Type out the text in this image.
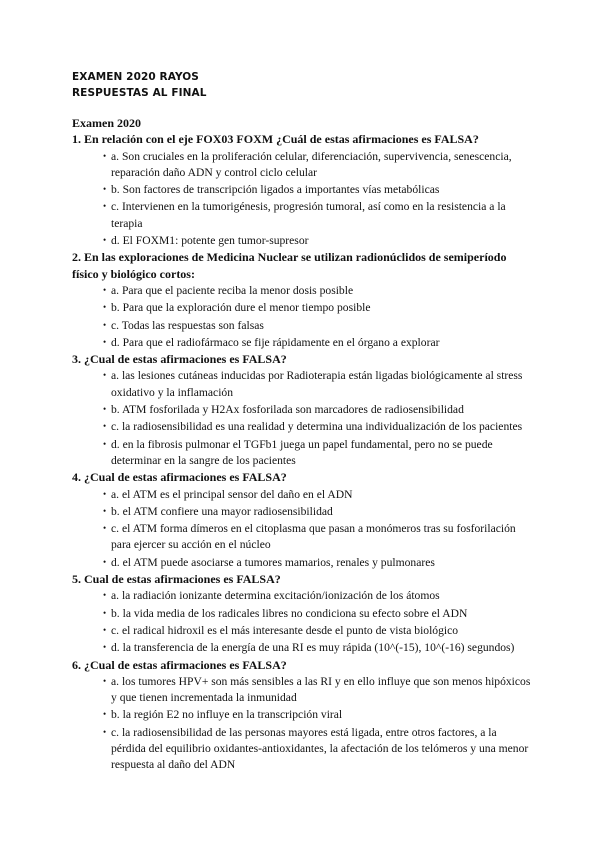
EXAMEN 2020 RAYOS
RESPUESTAS AL FINAL
Examen 2020
1. En relación con el eje FOX03 FOXM ¿Cuál de estas afirmaciones es FALSA?
• a. Son cruciales en la proliferación celular, diferenciación, supervivencia, senescencia, reparación daño ADN y control ciclo celular
• b. Son factores de transcripción ligados a importantes vías metabólicas
• c. Intervienen en la tumorigénesis, progresión tumoral, así como en la resistencia a la terapia
• d. El FOXM1: potente gen tumor-supresor
2. En las exploraciones de Medicina Nuclear se utilizan radionúclidos de semiperíodo físico y biológico cortos:
• a. Para que el paciente reciba la menor dosis posible
• b. Para que la exploración dure el menor tiempo posible
• c. Todas las respuestas son falsas
• d. Para que el radiofármaco se fije rápidamente en el órgano a explorar
3. ¿Cual de estas afirmaciones es FALSA?
• a. las lesiones cutáneas inducidas por Radioterapia están ligadas biológicamente al stress oxidativo y la inflamación
• b. ATM fosforilada y H2Ax fosforilada son marcadores de radiosensibilidad
• c. la radiosensibilidad es una realidad y determina una individualización de los pacientes
• d. en la fibrosis pulmonar el TGFb1 juega un papel fundamental, pero no se puede determinar en la sangre de los pacientes
4. ¿Cual de estas afirmaciones es FALSA?
• a. el ATM es el principal sensor del daño en el ADN
• b. el ATM confiere una mayor radiosensibilidad
• c. el ATM forma dímeros en el citoplasma que pasan a monómeros tras su fosforilación para ejercer su acción en el núcleo
• d. el ATM puede asociarse a tumores mamarios, renales y pulmonares
5. Cual de estas afirmaciones es FALSA?
• a. la radiación ionizante determina excitación/ionización de los átomos
• b. la vida media de los radicales libres no condiciona su efecto sobre el ADN
• c. el radical hidroxil es el más interesante desde el punto de vista biológico
• d. la transferencia de la energía de una RI es muy rápida (10^(-15), 10^(-16) segundos)
6. ¿Cual de estas afirmaciones es FALSA?
• a. los tumores HPV+ son más sensibles a las RI y en ello influye que son menos hipóxicos y que tienen incrementada la inmunidad
• b. la región E2 no influye en la transcripción viral
• c. la radiosensibilidad de las personas mayores está ligada, entre otros factores, a la pérdida del equilibrio oxidantes-antioxidantes, la afectación de los telómeros y una menor respuesta al daño del ADN
